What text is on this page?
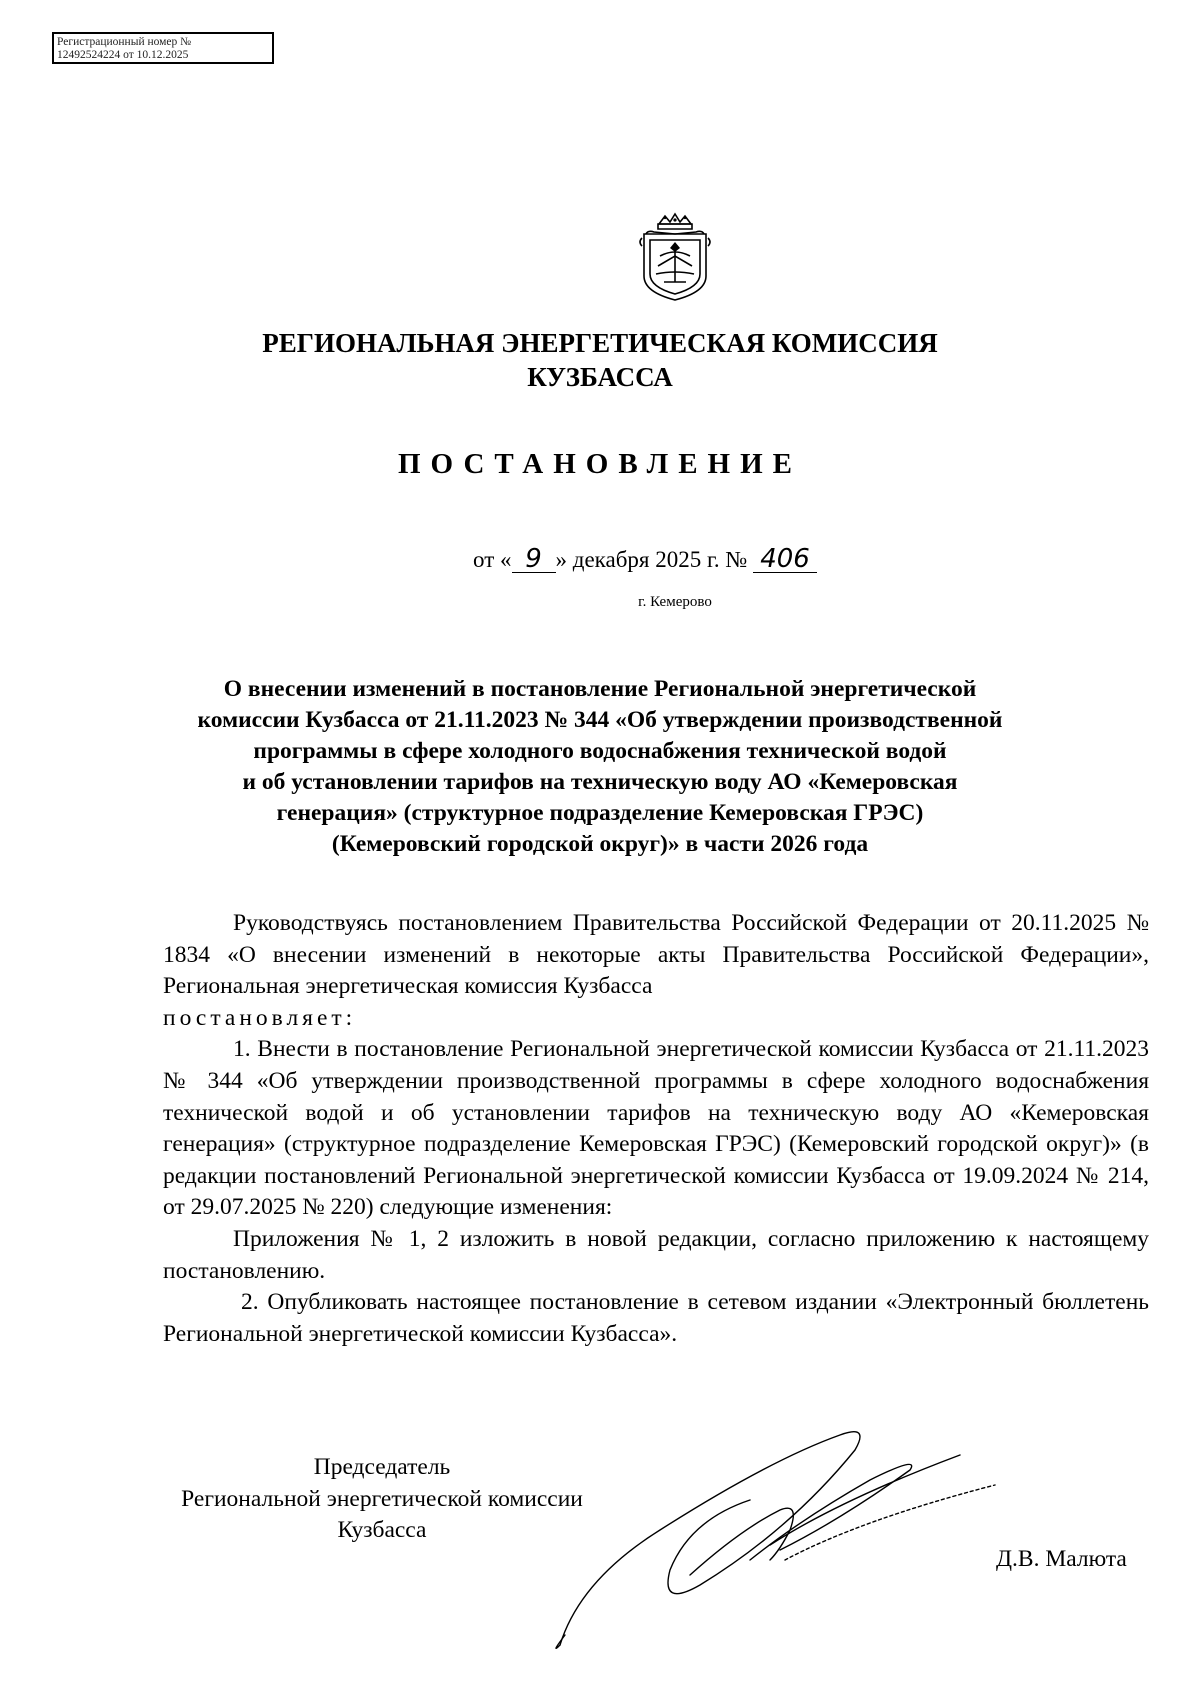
Регистрационный номер №
12492524224 от 10.12.2025
РЕГИОНАЛЬНАЯ ЭНЕРГЕТИЧЕСКАЯ КОМИССИЯ
КУЗБАССА
ПОСТАНОВЛЕНИЕ
от « 9 » декабря 2025 г. № 406
г. Кемерово
О внесении изменений в постановление Региональной энергетической
комиссии Кузбасса от 21.11.2023 № 344 «Об утверждении производственной
программы в сфере холодного водоснабжения технической водой
и об установлении тарифов на техническую воду АО «Кемеровская
генерация» (структурное подразделение Кемеровская ГРЭС)
(Кемеровский городской округ)» в части 2026 года

Руководствуясь постановлением Правительства Российской Федерации от 20.11.2025 № 1834 «О внесении изменений в некоторые акты Правительства Российской Федерации», Региональная энергетическая комиссия Кузбасса

постановляет:

1. Внести в постановление Региональной энергетической комиссии Кузбасса от 21.11.2023 № 344 «Об утверждении производственной программы в сфере холодного водоснабжения технической водой и об установлении тарифов на техническую воду АО «Кемеровская генерация» (структурное подразделение Кемеровская ГРЭС) (Кемеровский городской округ)» (в редакции постановлений Региональной энергетической комиссии Кузбасса от 19.09.2024 № 214, от 29.07.2025 № 220) следующие изменения:

Приложения № 1, 2 изложить в новой редакции, согласно приложению к настоящему постановлению.

2. Опубликовать настоящее постановление в сетевом издании «Электронный бюллетень Региональной энергетической комиссии Кузбасса».

Председатель
Региональной энергетической комиссии
Кузбасса
Д.В. Малюта
